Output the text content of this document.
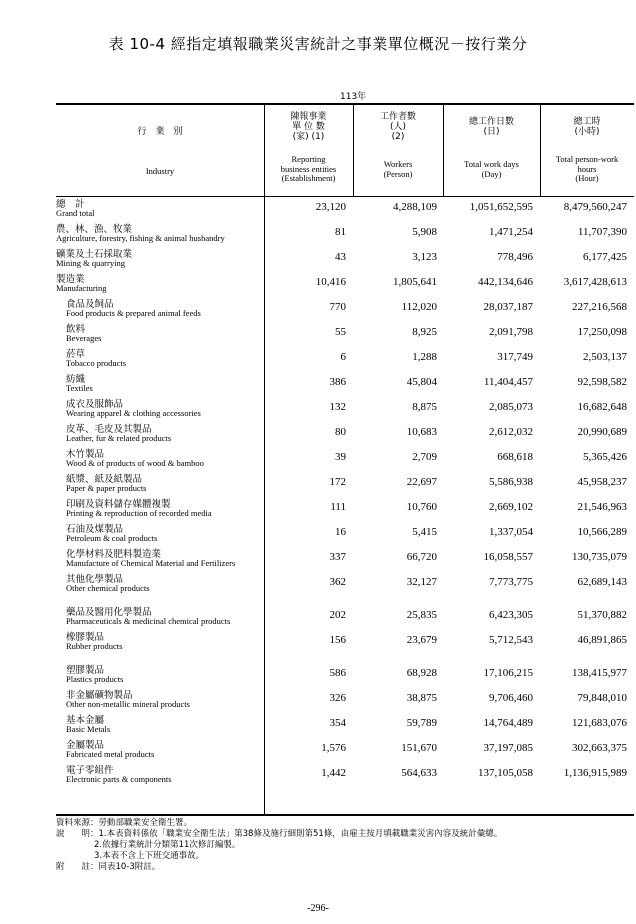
表 10-4 經指定填報職業災害統計之事業單位概況－按行業分
113年
行　業　別
Industry
陳報事業
單 位 數
(家) (1)
Reporting
business entities
(Establishment)
工作者數
(人)
(2)
Workers
(Person)
總工作日數
(日)
Total work days
(Day)
總工時
(小時)
Total person-work
hours
(Hour)
總　計
Grand total	23,120	4,288,109	1,051,652,595	8,479,560,247
農、林、漁、牧業
Agriculture, forestry, fishing & animal husbandry	81	5,908	1,471,254	11,707,390
礦業及土石採取業
Mining & quarrying	43	3,123	778,496	6,177,425
製造業
Manufacturing	10,416	1,805,641	442,134,646	3,617,428,613
食品及飼品
Food products & prepared animal feeds	770	112,020	28,037,187	227,216,568
飲料
Beverages	55	8,925	2,091,798	17,250,098
菸草
Tobacco products	6	1,288	317,749	2,503,137
紡織
Textiles	386	45,804	11,404,457	92,598,582
成衣及服飾品
Wearing apparel & clothing accessories	132	8,875	2,085,073	16,682,648
皮革、毛皮及其製品
Leather, fur & related products	80	10,683	2,612,032	20,990,689
木竹製品
Wood & of products of wood & bamboo	39	2,709	668,618	5,365,426
紙漿、紙及紙製品
Paper & paper products	172	22,697	5,586,938	45,958,237
印刷及資料儲存媒體複製
Printing & reproduction of recorded media	111	10,760	2,669,102	21,546,963
石油及煤製品
Petroleum & coal products	16	5,415	1,337,054	10,566,289
化學材料及肥料製造業
Manufacture of Chemical Material and Fertilizers	337	66,720	16,058,557	130,735,079
其他化學製品
Other chemical products	362	32,127	7,773,775	62,689,143
藥品及醫用化學製品
Pharmaceuticals & medicinal chemical products	202	25,835	6,423,305	51,370,882
橡膠製品
Rubber products	156	23,679	5,712,543	46,891,865
塑膠製品
Plastics products	586	68,928	17,106,215	138,415,977
非金屬礦物製品
Other non-metallic mineral products	326	38,875	9,706,460	79,848,010
基本金屬
Basic Metals	354	59,789	14,764,489	121,683,076
金屬製品
Fabricated metal products	1,576	151,670	37,197,085	302,663,375
電子零組件
Electronic parts & components	1,442	564,633	137,105,058	1,136,915,989
資料來源：勞動部職業安全衛生署。
說　　明：1.本表資料係依「職業安全衛生法」第38條及施行細則第51條，由雇主按月填載職業災害內容及統計彙總。
2.依據行業統計分類第11次修訂編製。
3.本表不含上下班交通事故。
附　　註：同表10-3附註。
-296-
